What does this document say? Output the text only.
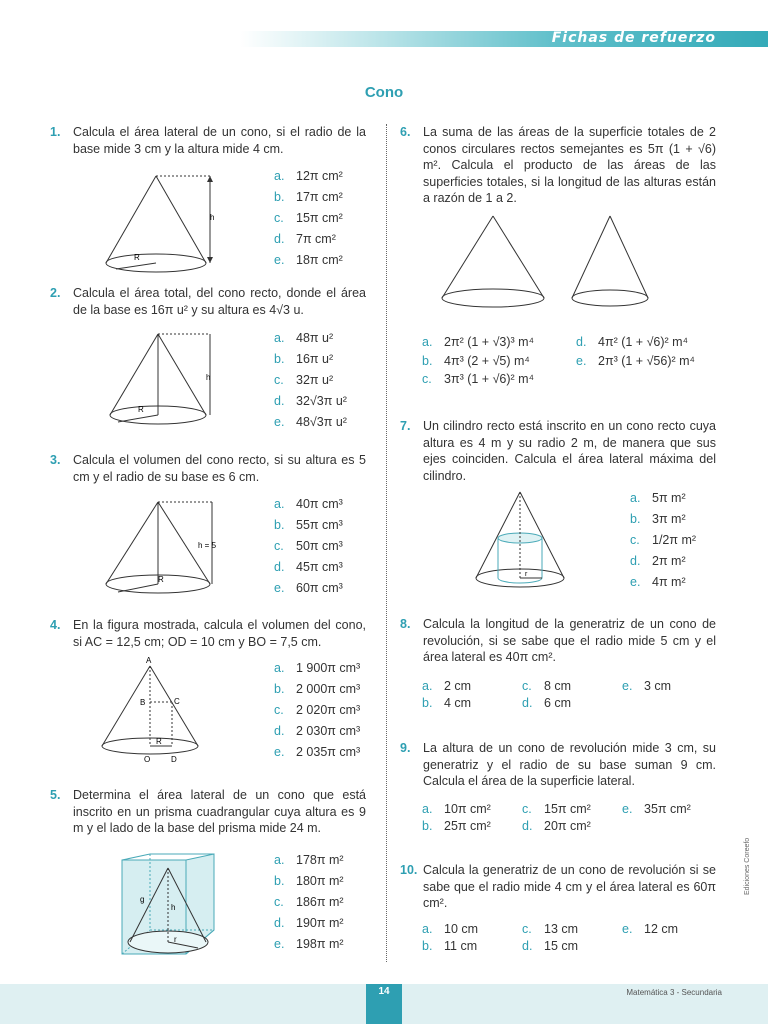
Fichas de refuerzo
Cono
1. Calcula el área lateral de un cono, si el radio de la base mide 3 cm y la altura mide 4 cm.
R
h
a. 12π cm²
b. 17π cm²
c. 15π cm²
d. 7π cm²
e. 18π cm²
2. Calcula el área total, del cono recto, donde el área de la base es 16π u² y su altura es 4√3 u.
R
h
a. 48π u²
b. 16π u²
c. 32π u²
d. 32√3π u²
e. 48√3π u²
3. Calcula el volumen del cono recto, si su altura es 5 cm y el radio de su base es 6 cm.
R
h = 5
a. 40π cm³
b. 55π cm³
c. 50π cm³
d. 45π cm³
e. 60π cm³
4. En la figura mostrada, calcula el volumen del cono, si AC = 12,5 cm; OD = 10 cm y BO = 7,5 cm.
A
B	C
O	D
R
a. 1 900π cm³
b. 2 000π cm³
c. 2 020π cm³
d. 2 030π cm³
e. 2 035π cm³
5. Determina el área lateral de un cono que está inscrito en un prisma cuadrangular cuya altura es 9 m y el lado de la base del prisma mide 24 m.
g
h
r
a. 178π m²
b. 180π m²
c. 186π m²
d. 190π m²
e. 198π m²
6. La suma de las áreas de la superficie totales de 2 conos circulares rectos semejantes es 5π (1 + √6) m². Calcula el producto de las áreas de las superficies totales, si la longitud de las alturas están a razón de 1 a 2.
a. 2π² (1 + √3)³ m⁴
b. 4π³ (2 + √5) m⁴
c. 3π³ (1 + √6)² m⁴
d. 4π² (1 + √6)² m⁴
e. 2π³ (1 + √56)² m⁴
7. Un cilindro recto está inscrito en un cono recto cuya altura es 4 m y su radio 2 m, de manera que sus ejes coinciden. Calcula el área lateral máxima del cilindro.
r
a. 5π m²
b. 3π m²
c. 1/2π m²
d. 2π m²
e. 4π m²
8. Calcula la longitud de la generatriz de un cono de revolución, si se sabe que el radio mide 5 cm y el área lateral es 40π cm².
a. 2 cm
b. 4 cm
c. 8 cm
d. 6 cm
e. 3 cm
9. La altura de un cono de revolución mide 3 cm, su generatriz y el radio de su base suman 9 cm. Calcula el área de la superficie lateral.
a. 10π cm²
b. 25π cm²
c. 15π cm²
d. 20π cm²
e. 35π cm²
10. Calcula la generatriz de un cono de revolución si se sabe que el radio mide 4 cm y el área lateral es 60π cm².
a. 10 cm
b. 11 cm
c. 13 cm
d. 15 cm
e. 12 cm
Ediciones Coreefo
14	Matemática 3 - Secundaria
